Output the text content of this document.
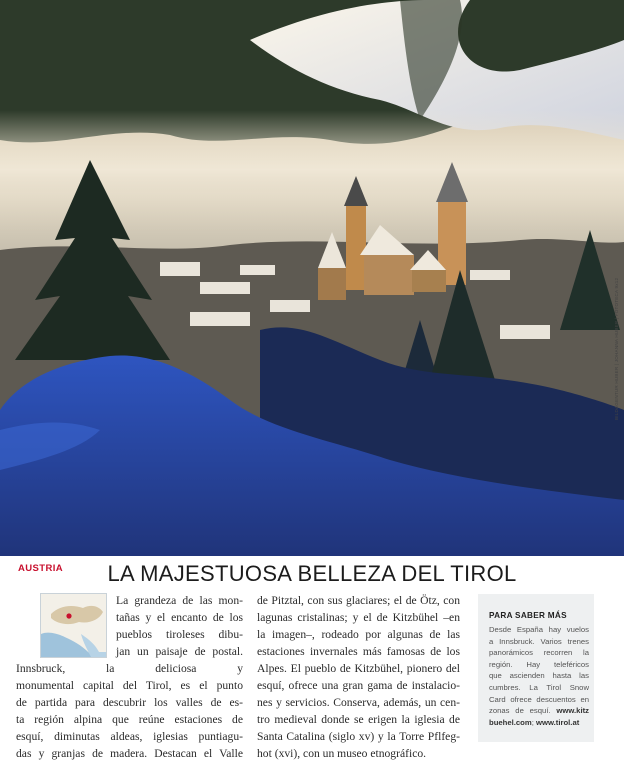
BILDAGENTUR HUBER | JOHANNA HUBER | FOTOTECA 9x12
AUSTRIA	LA MAJESTUOSA BELLEZA DEL TIROL
La grandeza de las mon-
tañas y el encanto de los
pueblos tiroleses dibu-
jan un paisaje de postal.
Innsbruck, la deliciosa y
monumental capital del Tirol, es el punto
de partida para descubrir los valles de es-
ta región alpina que reúne estaciones de
esquí, diminutas aldeas, iglesias puntiagu-
das y granjas de madera. Destacan el Valle
de Pitztal, con sus glaciares; el de Ötz, con
lagunas cristalinas; y el de Kitzbühel –en
la imagen–, rodeado por algunas de las
estaciones invernales más famosas de los
Alpes. El pueblo de Kitzbühel, pionero del
esquí, ofrece una gran gama de instalacio-
nes y servicios. Conserva, además, un cen-
tro medieval donde se erigen la iglesia de
Santa Catalina (siglo xv) y la Torre Pflfeg-
hot (xvi), con un museo etnográfico.
PARA SABER MÁS
Desde España hay vuelos
a Innsbruck. Varios trenes
panorámicos recorren la
región. Hay teleféricos
que ascienden hasta las
cumbres. La Tirol Snow
Card ofrece descuentos en
zonas de esquí. www.kitz
buehel.com; www.tirol.at
